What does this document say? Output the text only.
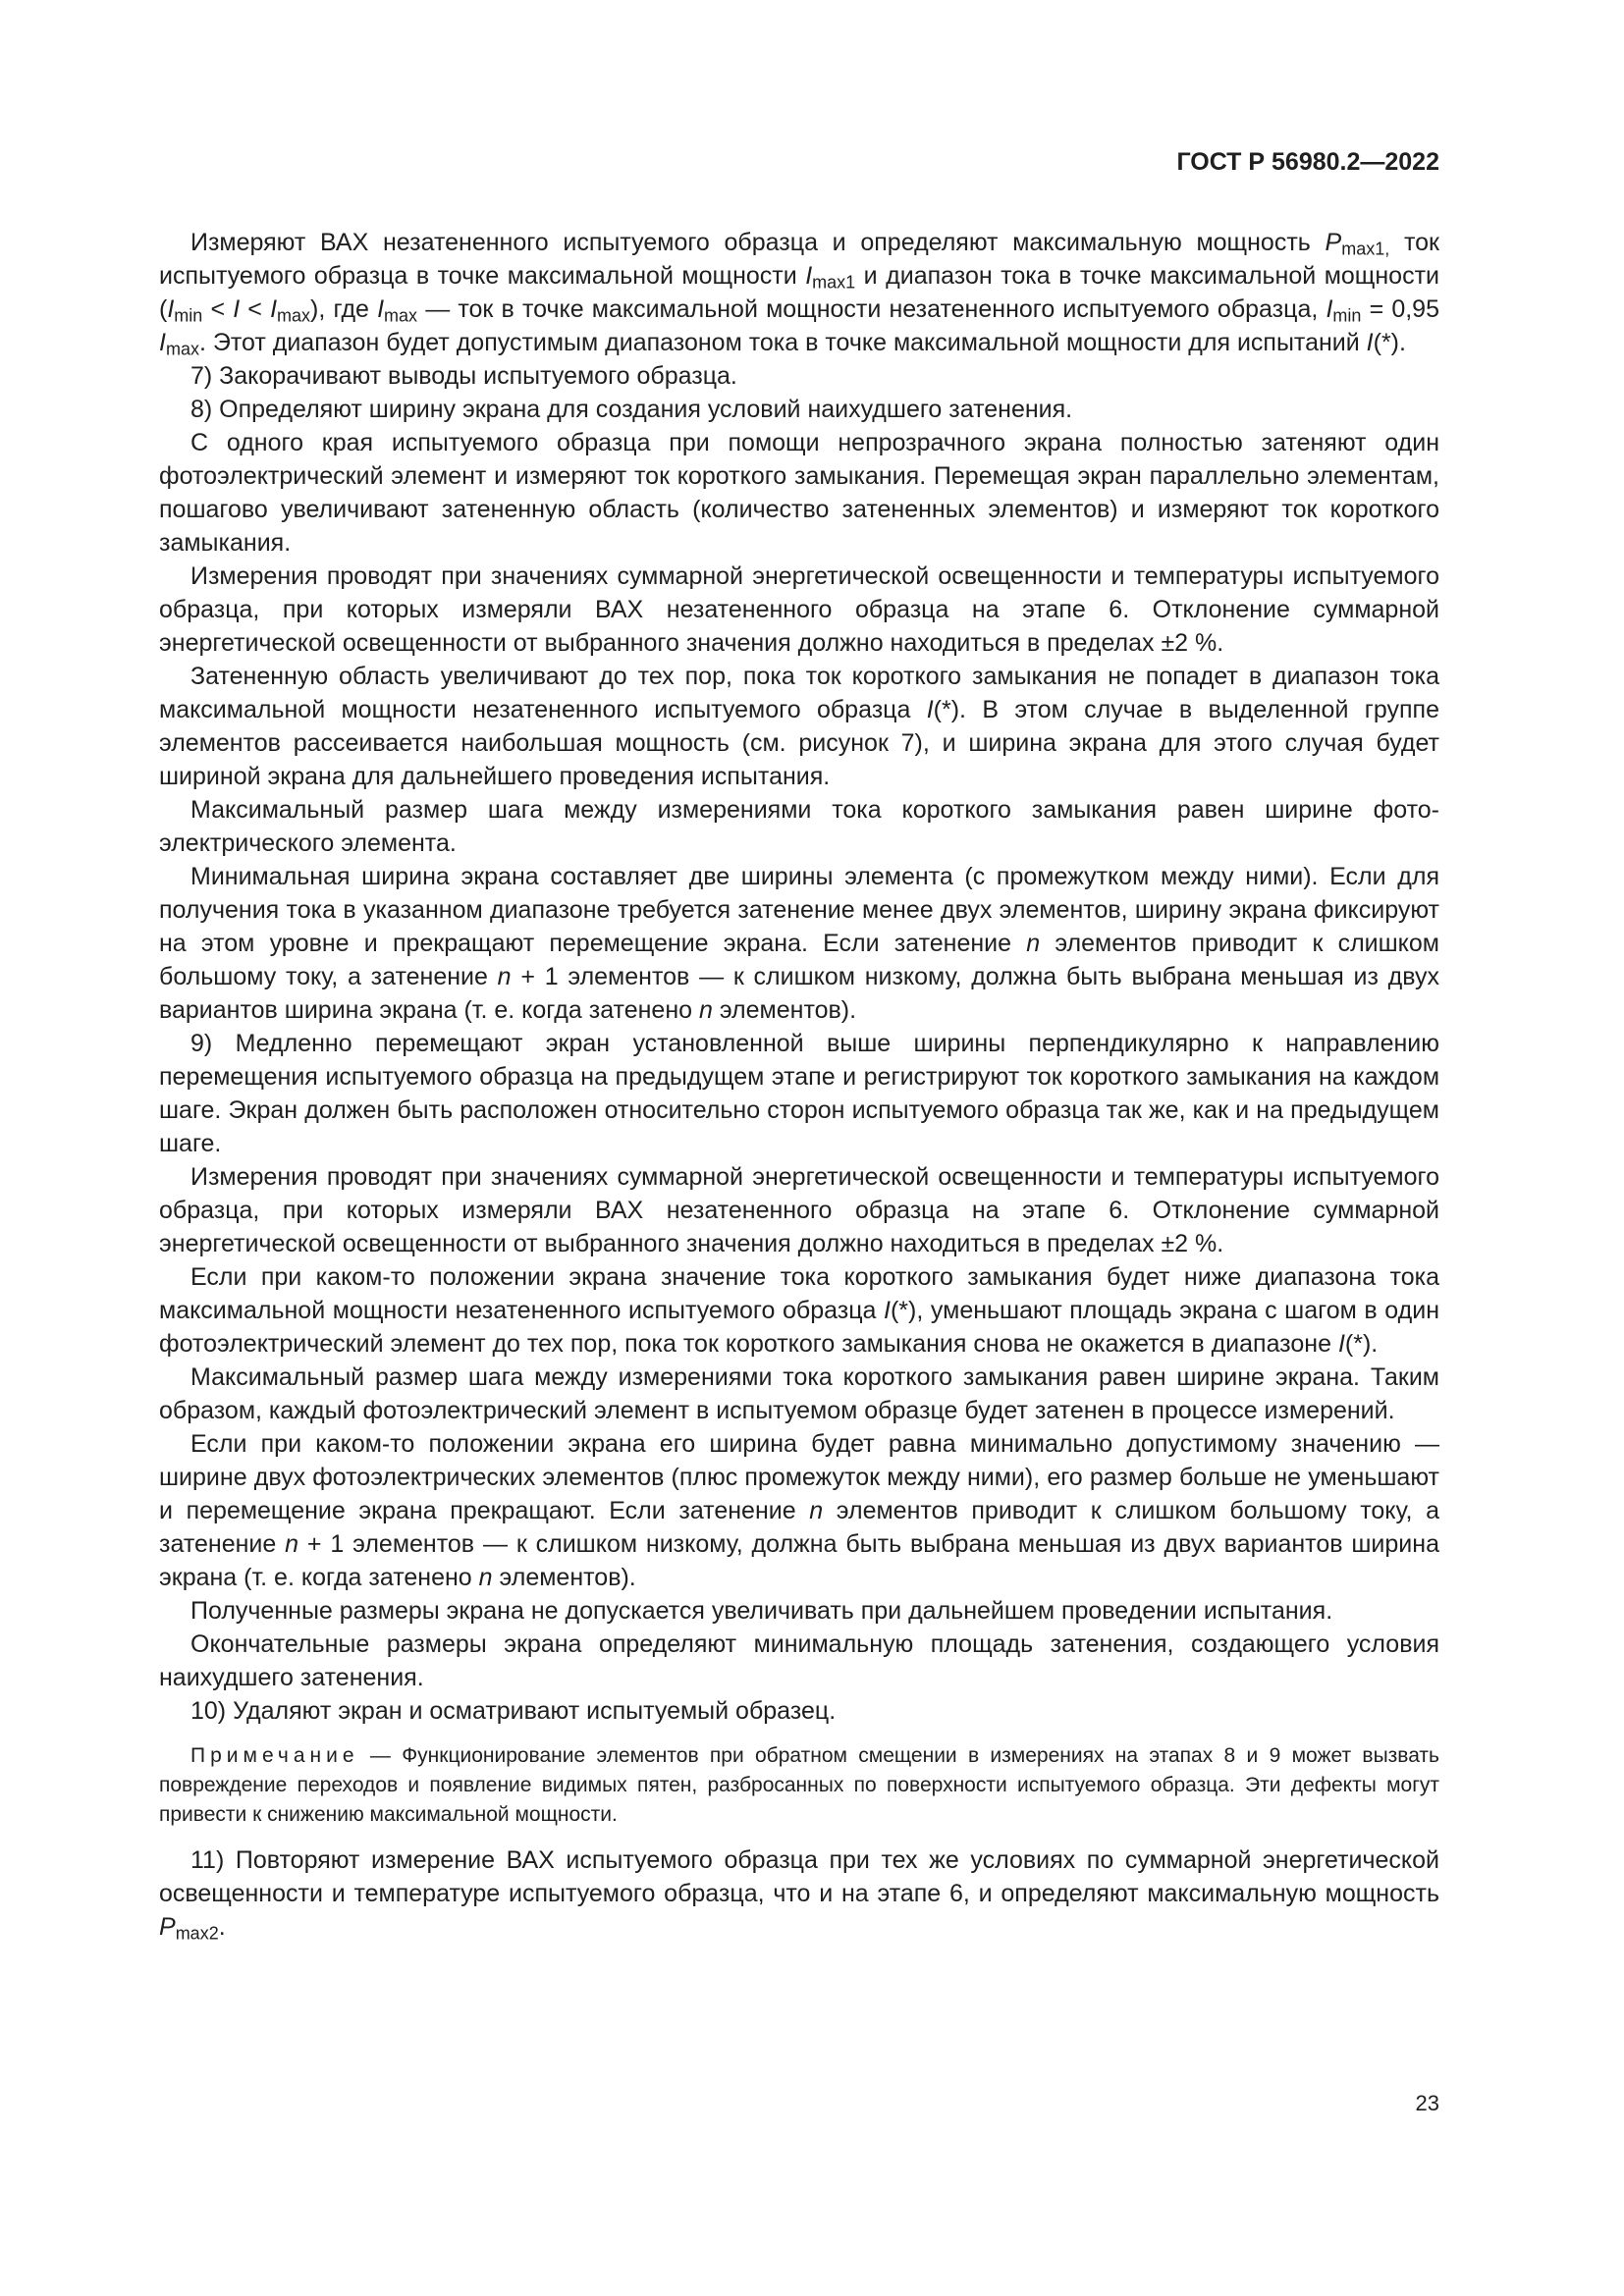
ГОСТ Р 56980.2—2022

Измеряют ВАХ незатененного испытуемого образца и определяют максимальную мощность $P_{max1,}$ ток испытуемого образца в точке максимальной мощности $I_{max1}$ и диапазон тока в точке максимальной мощности $(I_{min} < I < I_{max})$, где $I_{max}$ — ток в точке максимальной мощности незатененного испытуемого образца, $I_{min} = 0,95$ $I_{max}$. Этот диапазон будет допустимым диапазоном тока в точке максимальной мощности для испытаний I(*).

7) Закорачивают выводы испытуемого образца.

8) Определяют ширину экрана для создания условий наихудшего затенения.

С одного края испытуемого образца при помощи непрозрачного экрана полностью затеняют один фотоэлектрический элемент и измеряют ток короткого замыкания. Перемещая экран параллельно элементам, пошагово увеличивают затененную область (количество затененных элементов) и измеряют ток короткого замыкания.

Измерения проводят при значениях суммарной энергетической освещенности и температуры испытуемого образца, при которых измеряли ВАХ незатененного образца на этапе 6. Отклонение суммарной энергетической освещенности от выбранного значения должно находиться в пределах ±2 %.

Затененную область увеличивают до тех пор, пока ток короткого замыкания не попадет в диапазон тока максимальной мощности незатененного испытуемого образца I(*). В этом случае в выделенной группе элементов рассеивается наибольшая мощность (см. рисунок 7), и ширина экрана для этого случая будет шириной экрана для дальнейшего проведения испытания.

Максимальный размер шага между измерениями тока короткого замыкания равен ширине фотоэлектрического элемента.

Минимальная ширина экрана составляет две ширины элемента (с промежутком между ними). Если для получения тока в указанном диапазоне требуется затенение менее двух элементов, ширину экрана фиксируют на этом уровне и прекращают перемещение экрана. Если затенение n элементов приводит к слишком большому току, а затенение n + 1 элементов — к слишком низкому, должна быть выбрана меньшая из двух вариантов ширина экрана (т. е. когда затенено n элементов).

9) Медленно перемещают экран установленной выше ширины перпендикулярно к направлению перемещения испытуемого образца на предыдущем этапе и регистрируют ток короткого замыкания на каждом шаге. Экран должен быть расположен относительно сторон испытуемого образца так же, как и на предыдущем шаге.

Измерения проводят при значениях суммарной энергетической освещенности и температуры испытуемого образца, при которых измеряли ВАХ незатененного образца на этапе 6. Отклонение суммарной энергетической освещенности от выбранного значения должно находиться в пределах ±2 %.

Если при каком-то положении экрана значение тока короткого замыкания будет ниже диапазона тока максимальной мощности незатененного испытуемого образца I(*), уменьшают площадь экрана с шагом в один фотоэлектрический элемент до тех пор, пока ток короткого замыкания снова не окажется в диапазоне I(*).

Максимальный размер шага между измерениями тока короткого замыкания равен ширине экрана. Таким образом, каждый фотоэлектрический элемент в испытуемом образце будет затенен в процессе измерений.

Если при каком-то положении экрана его ширина будет равна минимально допустимому значению — ширине двух фотоэлектрических элементов (плюс промежуток между ними), его размер больше не уменьшают и перемещение экрана прекращают. Если затенение n элементов приводит к слишком большому току, а затенение n + 1 элементов — к слишком низкому, должна быть выбрана меньшая из двух вариантов ширина экрана (т. е. когда затенено n элементов).

Полученные размеры экрана не допускается увеличивать при дальнейшем проведении испытания.

Окончательные размеры экрана определяют минимальную площадь затенения, создающего условия наихудшего затенения.

10) Удаляют экран и осматривают испытуемый образец.

Примечание — Функционирование элементов при обратном смещении в измерениях на этапах 8 и 9 может вызвать повреждение переходов и появление видимых пятен, разбросанных по поверхности испытуемого образца. Эти дефекты могут привести к снижению максимальной мощности.

11) Повторяют измерение ВАХ испытуемого образца при тех же условиях по суммарной энергетической освещенности и температуре испытуемого образца, что и на этапе 6, и определяют максимальную мощность $P_{max2}$.

23
